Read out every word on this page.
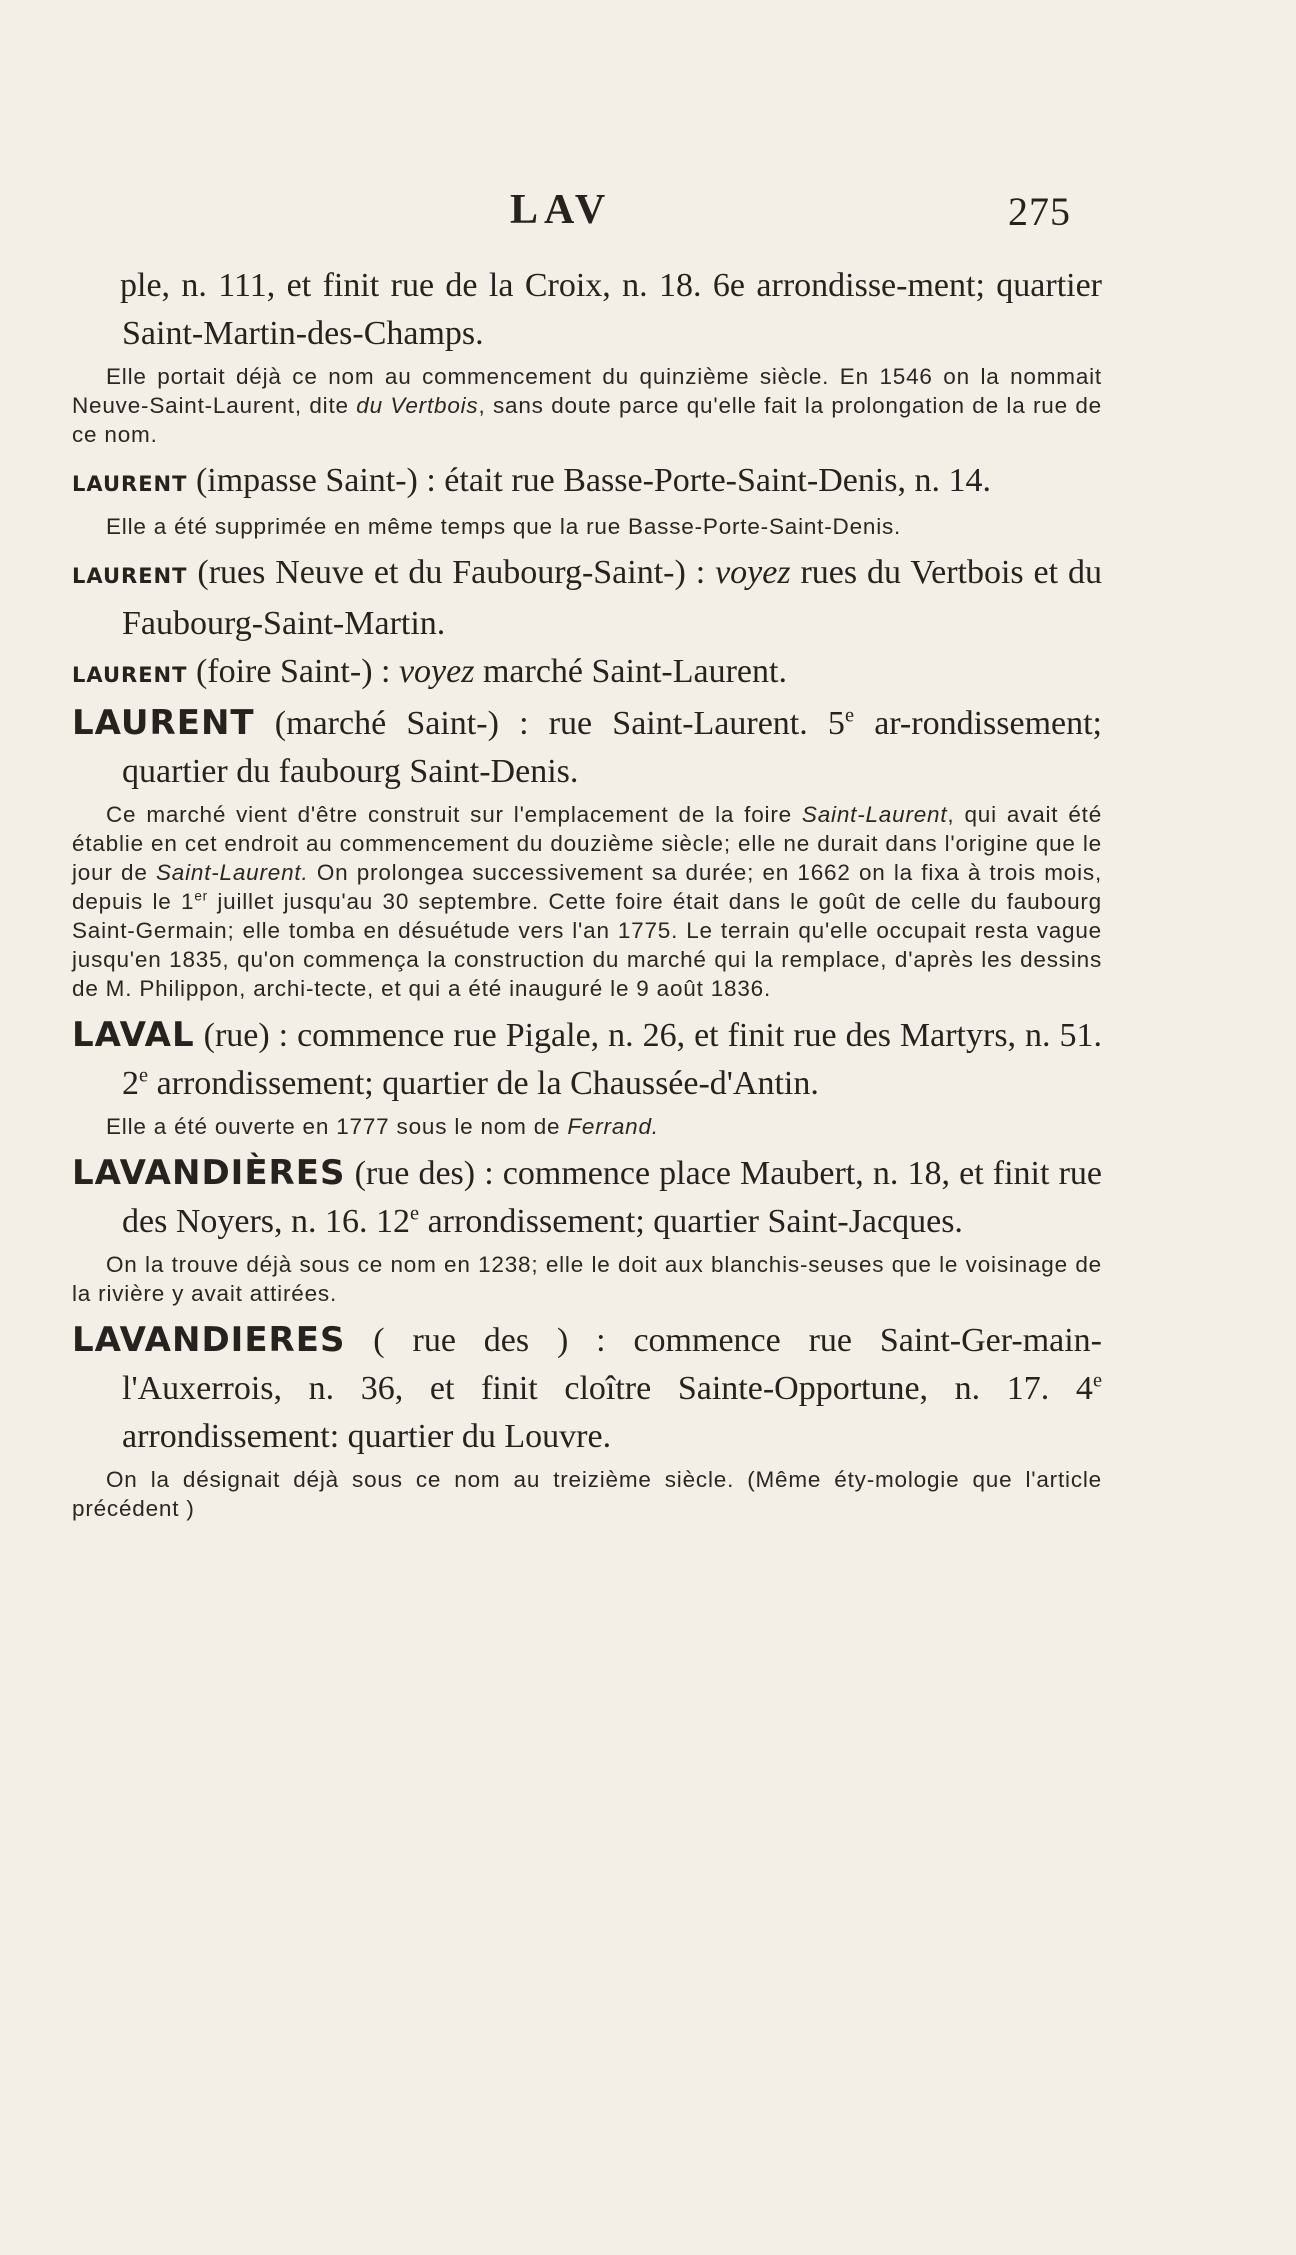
LAV	275

ple, n. 111, et finit rue de la Croix, n. 18. 6e arrondisse-ment; quartier Saint-Martin-des-Champs.

Elle portait déjà ce nom au commencement du quinzième siècle. En 1546 on la nommait Neuve-Saint-Laurent, dite du Vertbois, sans doute parce qu'elle fait la prolongation de la rue de ce nom.

LAURENT (impasse Saint-) : était rue Basse-Porte-Saint-Denis, n. 14.

Elle a été supprimée en même temps que la rue Basse-Porte-Saint-Denis.

LAURENT (rues Neuve et du Faubourg-Saint-) : voyez rues du Vertbois et du Faubourg-Saint-Martin.

LAURENT (foire Saint-) : voyez marché Saint-Laurent.

LAURENT (marché Saint-) : rue Saint-Laurent. 5e ar-rondissement; quartier du faubourg Saint-Denis.

Ce marché vient d'être construit sur l'emplacement de la foire Saint-Laurent, qui avait été établie en cet endroit au commencement du douzième siècle; elle ne durait dans l'origine que le jour de Saint-Laurent. On prolongea successivement sa durée; en 1662 on la fixa à trois mois, depuis le 1er juillet jusqu'au 30 septembre. Cette foire était dans le goût de celle du faubourg Saint-Germain; elle tomba en désuétude vers l'an 1775. Le terrain qu'elle occupait resta vague jusqu'en 1835, qu'on commença la construction du marché qui la remplace, d'après les dessins de M. Philippon, archi-tecte, et qui a été inauguré le 9 août 1836.

LAVAL (rue) : commence rue Pigale, n. 26, et finit rue des Martyrs, n. 51. 2e arrondissement; quartier de la Chaussée-d'Antin.

Elle a été ouverte en 1777 sous le nom de Ferrand.

LAVANDIÈRES (rue des) : commence place Maubert, n. 18, et finit rue des Noyers, n. 16. 12e arrondissement; quartier Saint-Jacques.

On la trouve déjà sous ce nom en 1238; elle le doit aux blanchis-seuses que le voisinage de la rivière y avait attirées.

LAVANDIERES ( rue des ) : commence rue Saint-Ger-main-l'Auxerrois, n. 36, et finit cloître Sainte-Opportune, n. 17. 4e arrondissement: quartier du Louvre.

On la désignait déjà sous ce nom au treizième siècle. (Même éty-mologie que l'article précédent )
